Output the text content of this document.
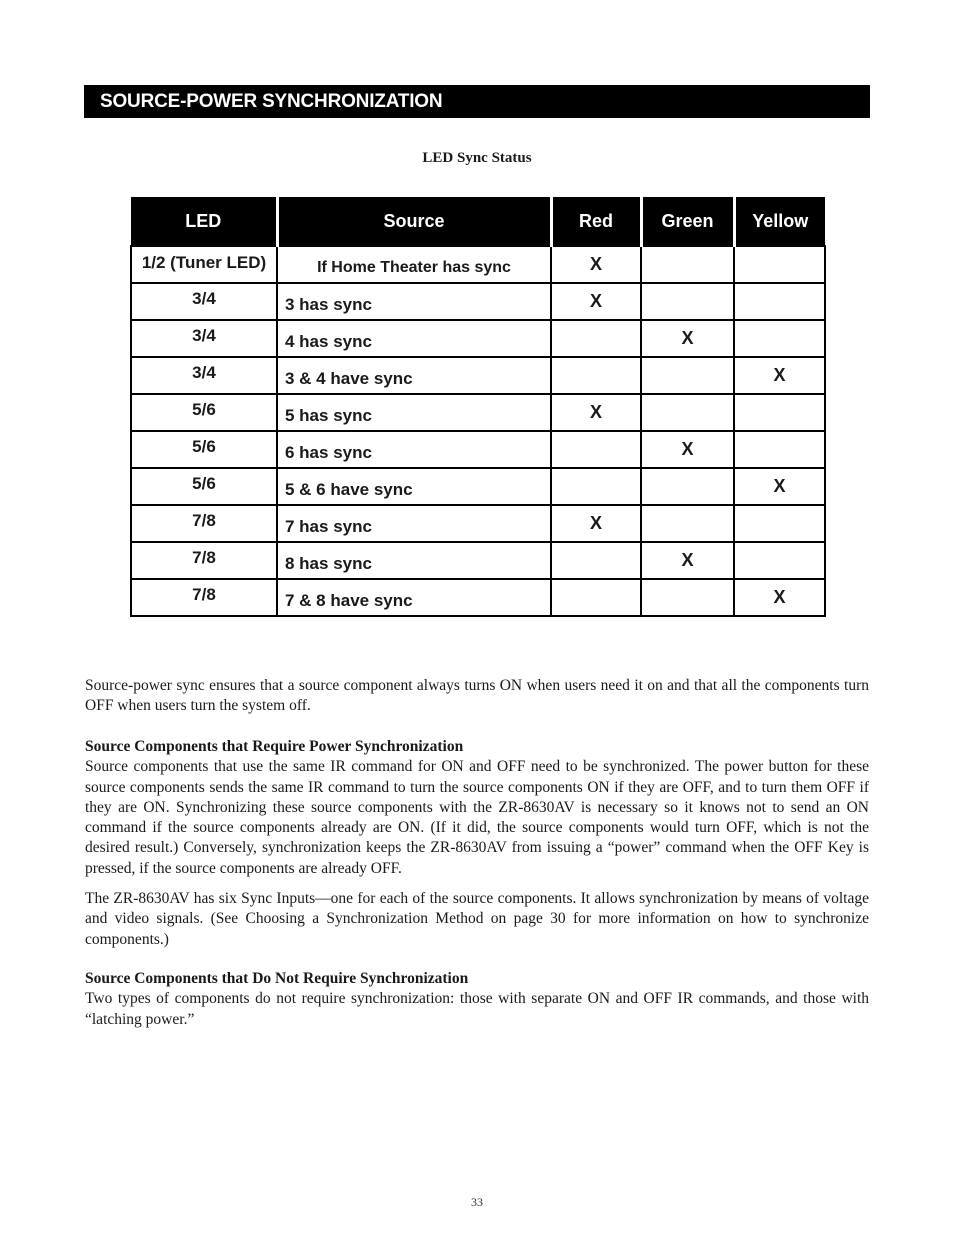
SOURCE-POWER SYNCHRONIZATION
LED Sync Status
LED	Source	Red	Green	Yellow
1/2 (Tuner LED)	If Home Theater has sync	X		
3/4	3 has sync	X		
3/4	4 has sync		X	
3/4	3 & 4 have sync			X
5/6	5 has sync	X		
5/6	6 has sync		X	
5/6	5 & 6 have sync			X
7/8	7 has sync	X		
7/8	8 has sync		X	
7/8	7 & 8 have sync			X

Source-power sync ensures that a source component always turns ON when users need it on and that all the components turn OFF when users turn the system off.

Source Components that Require Power Synchronization

Source components that use the same IR command for ON and OFF need to be synchronized. The power button for these source components sends the same IR command to turn the source components ON if they are OFF, and to turn them OFF if they are ON. Synchronizing these source components with the ZR-8630AV is necessary so it knows not to send an ON command if the source components already are ON. (If it did, the source components would turn OFF, which is not the desired result.) Conversely, synchronization keeps the ZR-8630AV from issuing a “power” command when the OFF Key is pressed, if the source components are already OFF.

The ZR-8630AV has six Sync Inputs—one for each of the source components. It allows synchronization by means of voltage and video signals. (See Choosing a Synchronization Method on page 30 for more information on how to synchronize components.)

Source Components that Do Not Require Synchronization

Two types of components do not require synchronization: those with separate ON and OFF IR commands, and those with “latching power.”

33
